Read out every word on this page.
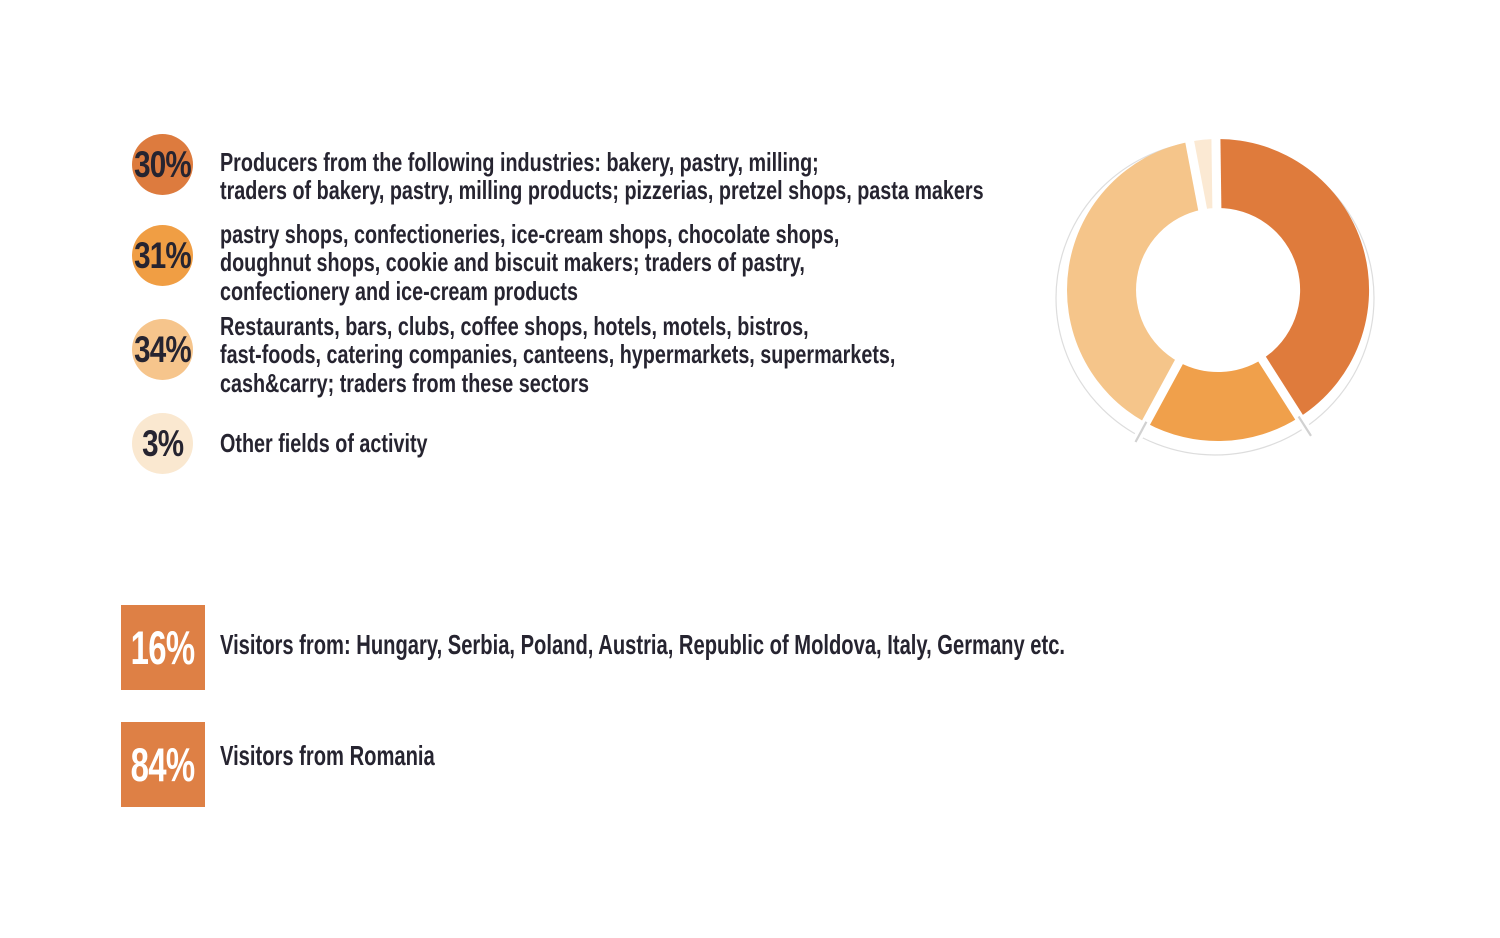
30% Producers from the following industries: bakery, pastry, milling;
traders of bakery, pastry, milling products; pizzerias, pretzel shops, pasta makers
31%
pastry shops, confectioneries, ice-cream shops, chocolate shops,
doughnut shops, cookie and biscuit makers; traders of pastry,
confectionery and ice-cream products
34%
Restaurants, bars, clubs, coffee shops, hotels, motels, bistros,
fast-foods, catering companies, canteens, hypermarkets, supermarkets,
cash&carry; traders from these sectors
3% Other fields of activity
16% Visitors from: Hungary, Serbia, Poland, Austria, Republic of Moldova, Italy, Germany etc.
84% Visitors from Romania
